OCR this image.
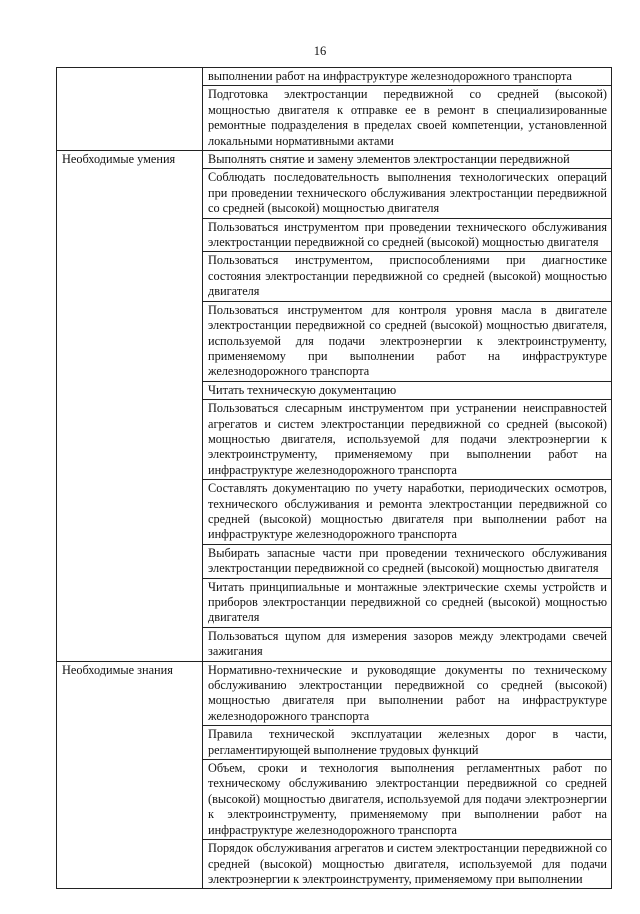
16
	выполнении работ на инфраструктуре железнодорожного транспорта
	Подготовка электростанции передвижной со средней (высокой) мощностью двигателя к отправке ее в ремонт в специализированные ремонтные подразделения в пределах своей компетенции, установленной локальными нормативными актами
Необходимые умения	Выполнять снятие и замену элементов электростанции передвижной
	Соблюдать последовательность выполнения технологических операций при проведении технического обслуживания электростанции передвижной со средней (высокой) мощностью двигателя
	Пользоваться инструментом при проведении технического обслуживания электростанции передвижной со средней (высокой) мощностью двигателя
	Пользоваться инструментом, приспособлениями при диагностике состояния электростанции передвижной со средней (высокой) мощностью двигателя
	Пользоваться инструментом для контроля уровня масла в двигателе электростанции передвижной со средней (высокой) мощностью двигателя, используемой для подачи электроэнергии к электроинструменту, применяемому при выполнении работ на инфраструктуре железнодорожного транспорта
	Читать техническую документацию
	Пользоваться слесарным инструментом при устранении неисправностей агрегатов и систем электростанции передвижной со средней (высокой) мощностью двигателя, используемой для подачи электроэнергии к электроинструменту, применяемому при выполнении работ на инфраструктуре железнодорожного транспорта
	Составлять документацию по учету наработки, периодических осмотров, технического обслуживания и ремонта электростанции передвижной со средней (высокой) мощностью двигателя при выполнении работ на инфраструктуре железнодорожного транспорта
	Выбирать запасные части при проведении технического обслуживания электростанции передвижной со средней (высокой) мощностью двигателя
	Читать принципиальные и монтажные электрические схемы устройств и приборов электростанции передвижной со средней (высокой) мощностью двигателя
	Пользоваться щупом для измерения зазоров между электродами свечей зажигания
Необходимые знания	Нормативно-технические и руководящие документы по техническому обслуживанию электростанции передвижной со средней (высокой) мощностью двигателя при выполнении работ на инфраструктуре железнодорожного транспорта
	Правила технической эксплуатации железных дорог в части, регламентирующей выполнение трудовых функций
	Объем, сроки и технология выполнения регламентных работ по техническому обслуживанию электростанции передвижной со средней (высокой) мощностью двигателя, используемой для подачи электроэнергии к электроинструменту, применяемому при выполнении работ на инфраструктуре железнодорожного транспорта
	Порядок обслуживания агрегатов и систем электростанции передвижной со средней (высокой) мощностью двигателя, используемой для подачи электроэнергии к электроинструменту, применяемому при выполнении
